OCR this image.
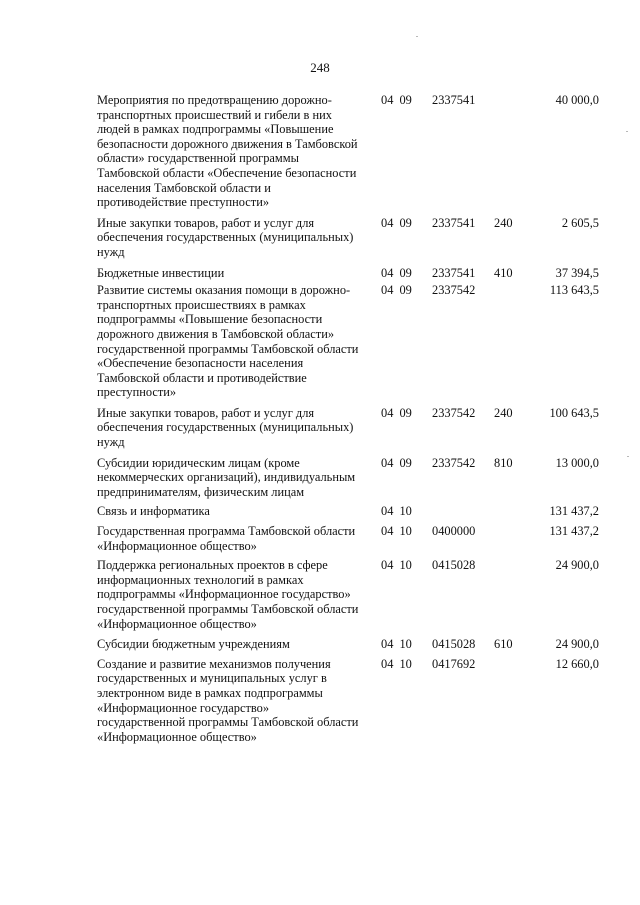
248
Мероприятия по предотвращению дорожно-транспортных происшествий и гибели в них людей в рамках подпрограммы «Повышение безопасности дорожного движения в Тамбовской области» государственной программы Тамбовской области «Обеспечение безопасности населения Тамбовской области и противодействие преступности»
04 09 2337541	40 000,0
Иные закупки товаров, работ и услуг для обеспечения государственных (муниципальных) нужд
04 09 2337541 240	2 605,5
Бюджетные инвестиции	04 09 2337541 410	37 394,5
Развитие системы оказания помощи в дорожно-транспортных происшествиях в рамках подпрограммы «Повышение безопасности дорожного движения в Тамбовской области» государственной программы Тамбовской области «Обеспечение безопасности населения Тамбовской области и противодействие преступности»
04 09 2337542	113 643,5
Иные закупки товаров, работ и услуг для обеспечения государственных (муниципальных) нужд
04 09 2337542 240	100 643,5
Субсидии юридическим лицам (кроме некоммерческих организаций), индивидуальным предпринимателям, физическим лицам
04 09 2337542 810	13 000,0
Связь и информатика	04 10	131 437,2
Государственная программа Тамбовской области «Информационное общество»
04 10 0400000	131 437,2
Поддержка региональных проектов в сфере информационных технологий в рамках подпрограммы «Информационное государство» государственной программы Тамбовской области «Информационное общество»
04 10 0415028	24 900,0
Субсидии бюджетным учреждениям	04 10 0415028 610	24 900,0
Создание и развитие механизмов получения государственных и муниципальных услуг в электронном виде в рамках подпрограммы «Информационное государство» государственной программы Тамбовской области «Информационное общество»
04 10 0417692	12 660,0
